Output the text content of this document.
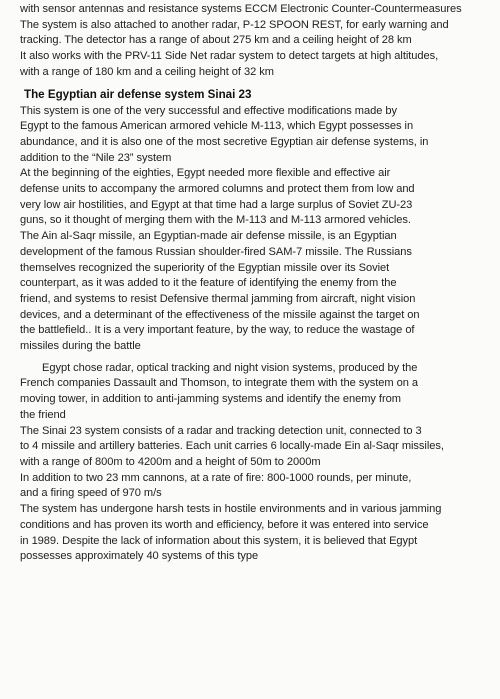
with sensor antennas and resistance systems ECCM Electronic Counter-Countermeasures
The system is also attached to another radar, P-12 SPOON REST, for early warning and
tracking. The detector has a range of about 275 km and a ceiling height of 28 km
It also works with the PRV-11 Side Net radar system to detect targets at high altitudes,
with a range of 180 km and a ceiling height of 32 km
The Egyptian air defense system Sinai 23
This system is one of the very successful and effective modifications made by
Egypt to the famous American armored vehicle M-113, which Egypt possesses in
abundance, and it is also one of the most secretive Egyptian air defense systems, in
addition to the “Nile 23” system
At the beginning of the eighties, Egypt needed more flexible and effective air
defense units to accompany the armored columns and protect them from low and
very low air hostilities, and Egypt at that time had a large surplus of Soviet ZU-23
guns, so it thought of merging them with the M-113 and M-113 armored vehicles.
The Ain al-Saqr missile, an Egyptian-made air defense missile, is an Egyptian
development of the famous Russian shoulder-fired SAM-7 missile. The Russians
themselves recognized the superiority of the Egyptian missile over its Soviet
counterpart, as it was added to it the feature of identifying the enemy from the
friend, and systems to resist Defensive thermal jamming from aircraft, night vision
devices, and a determinant of the effectiveness of the missile against the target on
the battlefield.. It is a very important feature, by the way, to reduce the wastage of
missiles during the battle
Egypt chose radar, optical tracking and night vision systems, produced by the
French companies Dassault and Thomson, to integrate them with the system on a
moving tower, in addition to anti-jamming systems and identify the enemy from
the friend
The Sinai 23 system consists of a radar and tracking detection unit, connected to 3
to 4 missile and artillery batteries. Each unit carries 6 locally-made Ein al-Saqr missiles,
with a range of 800m to 4200m and a height of 50m to 2000m
In addition to two 23 mm cannons, at a rate of fire: 800-1000 rounds, per minute,
and a firing speed of 970 m/s
The system has undergone harsh tests in hostile environments and in various jamming
conditions and has proven its worth and efficiency, before it was entered into service
in 1989. Despite the lack of information about this system, it is believed that Egypt
possesses approximately 40 systems of this type
